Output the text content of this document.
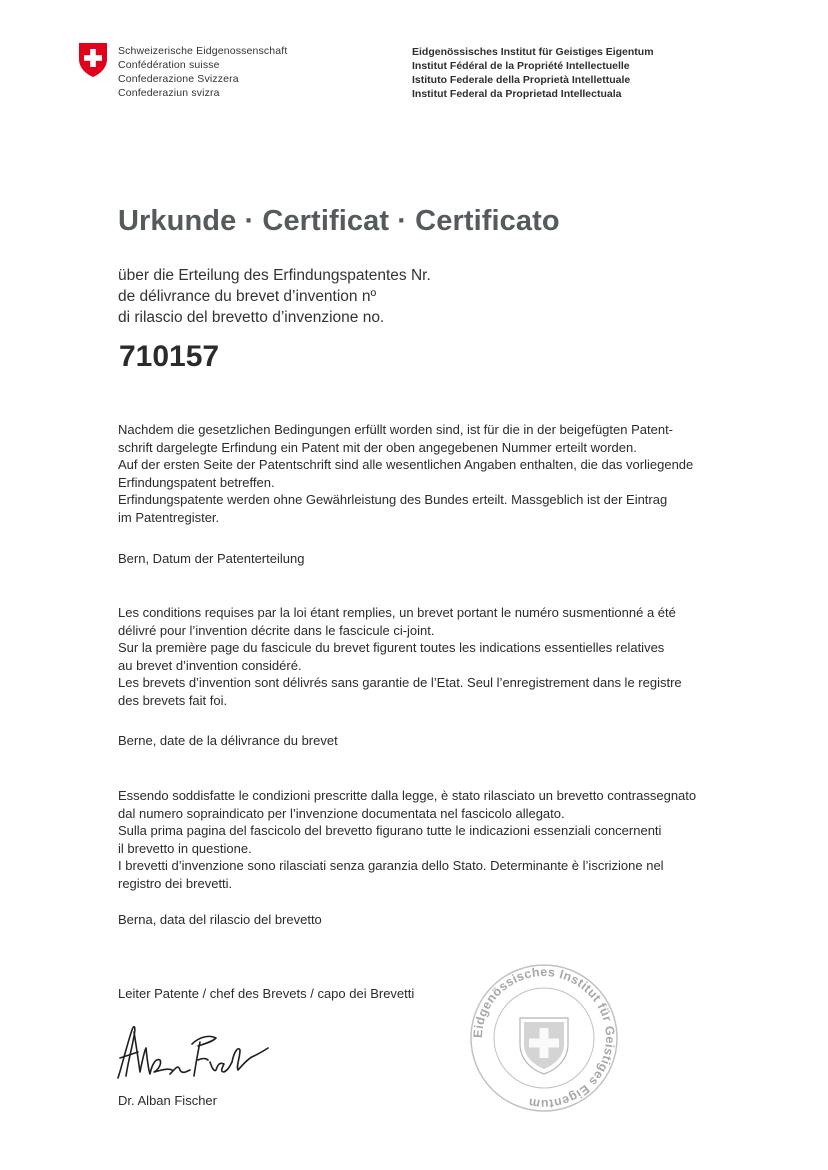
Schweizerische Eidgenossenschaft
Confédération suisse
Confederazione Svizzera
Confederaziun svizra
Eidgenössisches Institut für Geistiges Eigentum
Institut Fédéral de la Propriété Intellectuelle
Istituto Federale della Proprietà Intellettuale
Institut Federal da Proprietad Intellectuala
Urkunde · Certificat · Certificato
über die Erteilung des Erfindungspatentes Nr.
de délivrance du brevet d’invention nº
di rilascio del brevetto d’invenzione no.
710157
Nachdem die gesetzlichen Bedingungen erfüllt worden sind, ist für die in der beigefügten Patent-
schrift dargelegte Erfindung ein Patent mit der oben angegebenen Nummer erteilt worden.
Auf der ersten Seite der Patentschrift sind alle wesentlichen Angaben enthalten, die das vorliegende
Erfindungspatent betreffen.
Erfindungspatente werden ohne Gewährleistung des Bundes erteilt. Massgeblich ist der Eintrag
im Patentregister.
Bern, Datum der Patenterteilung
Les conditions requises par la loi étant remplies, un brevet portant le numéro susmentionné a été
délivré pour l’invention décrite dans le fascicule ci-joint.
Sur la première page du fascicule du brevet figurent toutes les indications essentielles relatives
au brevet d’invention considéré.
Les brevets d’invention sont délivrés sans garantie de l’Etat. Seul l’enregistrement dans le registre
des brevets fait foi.
Berne, date de la délivrance du brevet
Essendo soddisfatte le condizioni prescritte dalla legge, è stato rilasciato un brevetto contrassegnato
dal numero sopraindicato per l’invenzione documentata nel fascicolo allegato.
Sulla prima pagina del fascicolo del brevetto figurano tutte le indicazioni essenziali concernenti
il brevetto in questione.
I brevetti d’invenzione sono rilasciati senza garanzia dello Stato. Determinante è l’iscrizione nel
registro dei brevetti.
Berna, data del rilascio del brevetto
Leiter Patente / chef des Brevets / capo dei Brevetti
Dr. Alban Fischer
Eidgenössisches Institut für Geistiges Eigentum
